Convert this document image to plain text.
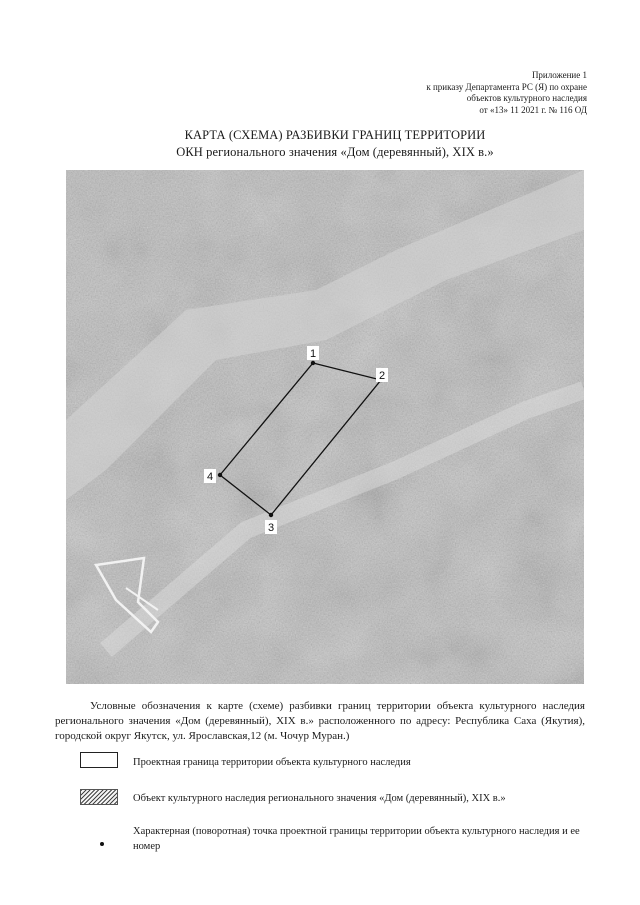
Приложение 1
к приказу Департамента РС (Я) по охране
объектов культурного наследия
от «13» 11 2021 г. № 116 ОД
КАРТА (СХЕМА) РАЗБИВКИ ГРАНИЦ ТЕРРИТОРИИ
ОКН регионального значения «Дом (деревянный), XIX в.»
1
2
3
4
Условные обозначения к карте (схеме) разбивки границ территории объекта культурного наследия регионального значения «Дом (деревянный), XIX в.» расположенного по адресу: Республика Саха (Якутия), городской округ Якутск, ул. Ярославская,12 (м. Чочур Муран.)
Проектная граница территории объекта культурного наследия
Объект культурного наследия регионального значения «Дом (деревянный), XIX в.»
Характерная (поворотная) точка проектной границы территории объекта культурного наследия и ее номер
